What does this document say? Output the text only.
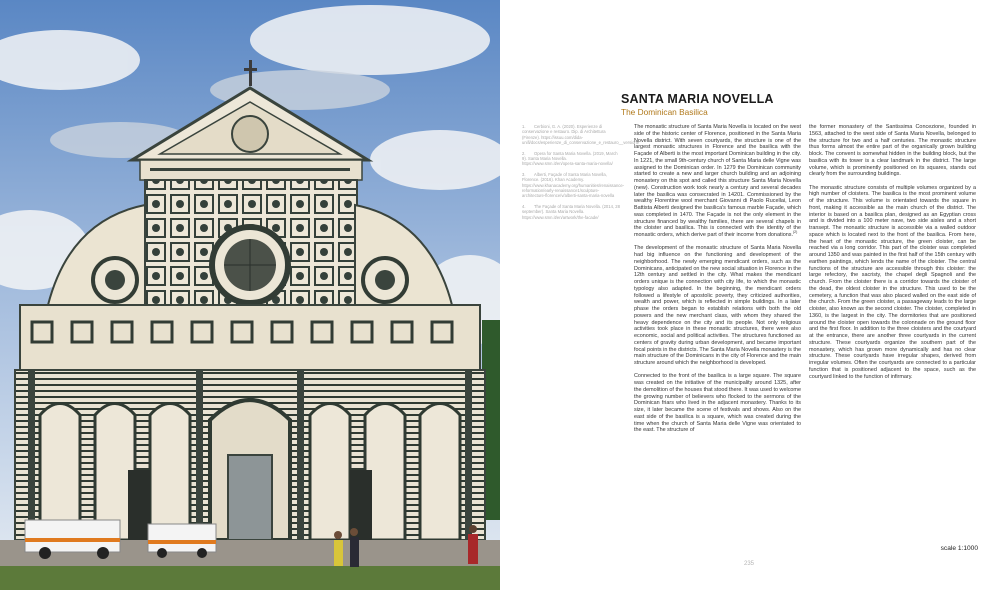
SANTA MARIA NOVELLA
The Dominican Basilica
1. Cerbioni, G. A. (2020). Esperienze di conservazione e restauro. Dip. di Architettura (Firenze). https://issuu.com/dida-unifi/docs/esperienze_di_conservazione_e_restauro__versione
2. Opera for Santa Maria Novella. (2019, March 9). Santa Maria Novella. https://www.smn.it/en/opera-santa-maria-novella/
3. Alberti, Façade of Santa Maria Novella, Florence. (2016). Khan Academy. https://www.khanacademy.org/humanities/renaissance-reformation/early-renaissance1/sculpture-architecture-florence/v/alberti-santa-maria-novella
4. The Façade of Santa Maria Novella. (2014, 28 september). Santa Maria Novella. https://www.smn.it/en/artwork/the-facade/

The monastic structure of Santa Maria Novella is located on the west side of the historic center of Florence, positioned in the Santa Maria Novella district. With seven courtyards, the structure is one of the largest monastic structures in Florence and the basilica with the Façade of Alberti is the most important Dominican building in the city. In 1221, the small 9th-century church of Santa Maria delle Vigne was assigned to the Dominican order. In 1279 the Dominican community started to create a new and larger church building and an adjoining monastery on this spot and called this structure Santa Maria Novella (new). Construction work took nearly a century and several decades later the basilica was consecrated in 14201. Commissioned by the wealthy Florentine wool merchant Giovanni di Paolo Rucellai, Leon Battista Alberti designed the basilica's famous marble Façade, which was completed in 1470. The Façade is not the only element in the structure financed by wealthy families, there are several chapels in the cloister and basilica. This is connected with the identity of the monastic orders, which derive part of their income from donations.$^{(2)}$

The development of the monastic structure of Santa Maria Novella had big influence on the functioning and development of the neighborhood. The newly emerging mendicant orders, such as the Dominicans, anticipated on the new social situation in Florence in the 12th century and settled in the city. What makes the mendicant orders unique is the connection with city life, to which the monastic typology also adapted. In the beginning, the mendicant orders followed a lifestyle of apostolic poverty, they criticized authorities, wealth and power, which is reflected in simple buildings. In a later phase the orders began to establish relations with both the old powers and the new merchant class, with whom they shared the heavy dependence on the city and its people. Not only religious activities took place in these monastic structures, there were also economic, social and political activities. The structures functioned as centers of gravity during urban development, and became important focal points in the districts. The Santa Maria Novella monastery is the main structure of the Dominicans in the city of Florence and the main structure around which the neighborhood is developed.

Connected to the front of the basilica is a large square. The square was created on the initiative of the municipality around 1325, after the demolition of the houses that stood there. It was used to welcome the growing number of believers who flocked to the sermons of the Dominican friars who lived in the adjacent monastery. Thanks to its size, it later became the scene of festivals and shows. Also on the east side of the basilica is a square, which was created during the time when the church of Santa Maria delle Vigne was orientated to the east. The structure of

the former monastery of the Santissima Concezione, founded in 1563, attached to the west side of Santa Maria Novella, belonged to the structure for two and a half centuries. The monastic structure thus forms almost the entire part of the organically grown building block. The convent is somewhat hidden in the building block, but the basilica with its tower is a clear landmark in the district. The large volume, which is prominently positioned on its squares, stands out clearly from the surrounding buildings.

The monastic structure consists of multiple volumes organized by a high number of cloisters. The basilica is the most prominent volume of the structure. This volume is orientated towards the square in front, making it accessible as the main church of the district. The interior is based on a basilica plan, designed as an Egyptian cross and is divided into a 100 meter nave, two side aisles and a short transept. The monastic structure is accessible via a walled outdoor space which is located next to the front of the basilica. From here, the heart of the monastic structure, the green cloister, can be reached via a long corridor. This part of the cloister was completed around 1350 and was painted in the first half of the 15th century with earthen paintings, which lends the name of the cloister. The central functions of the structure are accessible through this cloister: the large refectory, the sacristy, the chapel degli Spagnoli and the church. From the cloister there is a corridor towards the cloister of the dead, the oldest cloister in the structure. This used to be the cemetery, a function that was also placed walled on the east side of the church. From the green cloister, a passageway leads to the large cloister, also known as the second cloister. The cloister, completed in 1360, is the largest in the city. The dormitories that are positioned around the cloister open towards the colonnade on the ground floor and the first floor. In addition to the three cloisters and the courtyard at the entrance, there are another three courtyards in the current structure. These courtyards organize the southern part of the monastery, which has grown more dynamically and has no clear structure. These courtyards have irregular shapes, derived from irregular volumes. Often the courtyards are connected to a particular function that is positioned adjacent to the space, such as the courtyard linked to the function of infirmary.

scale 1:1000
235
